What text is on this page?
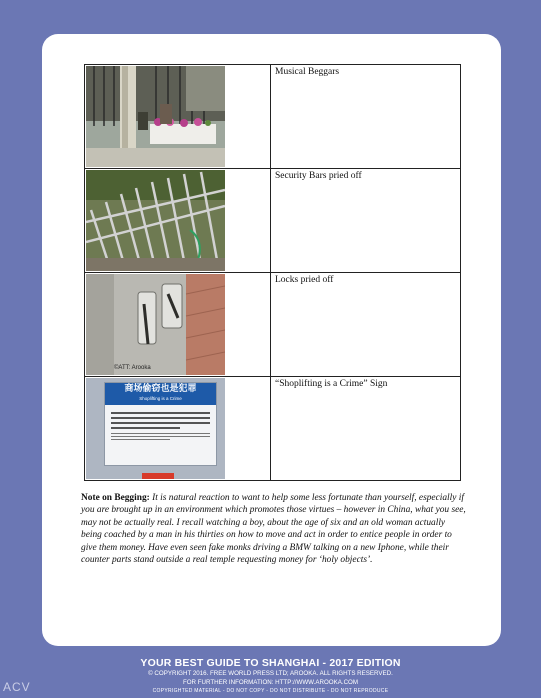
Musical Beggars

Security Bars pried off

©ATT: Arooka	Locks pried off

商场偷窃也是犯罪
Shoplifting is a Crime	“Shoplifting is a Crime” Sign
Note on Begging: It is natural reaction to want to help some less fortunate than yourself, especially if you are brought up in an environment which promotes those virtues – however in China, what you see, may not be actually real. I recall watching a boy, about the age of six and an old woman actually being coached by a man in his thirties on how to move and act in order to entice people in order to give them money. Have even seen fake monks driving a BMW talking on a new Iphone, while their counter parts stand outside a real temple requesting money for ‘holy objects’.
YOUR BEST GUIDE TO SHANGHAI - 2017 EDITION
© COPYRIGHT 2016. FREE WORLD PRESS LTD; AROOKA. ALL RIGHTS RESERVED.
FOR FURTHER INFORMATION: HTTP://WWW.AROOKA.COM
COPYRIGHTED MATERIAL - DO NOT COPY - DO NOT DISTRIBUTE - DO NOT REPRODUCE
ACV
